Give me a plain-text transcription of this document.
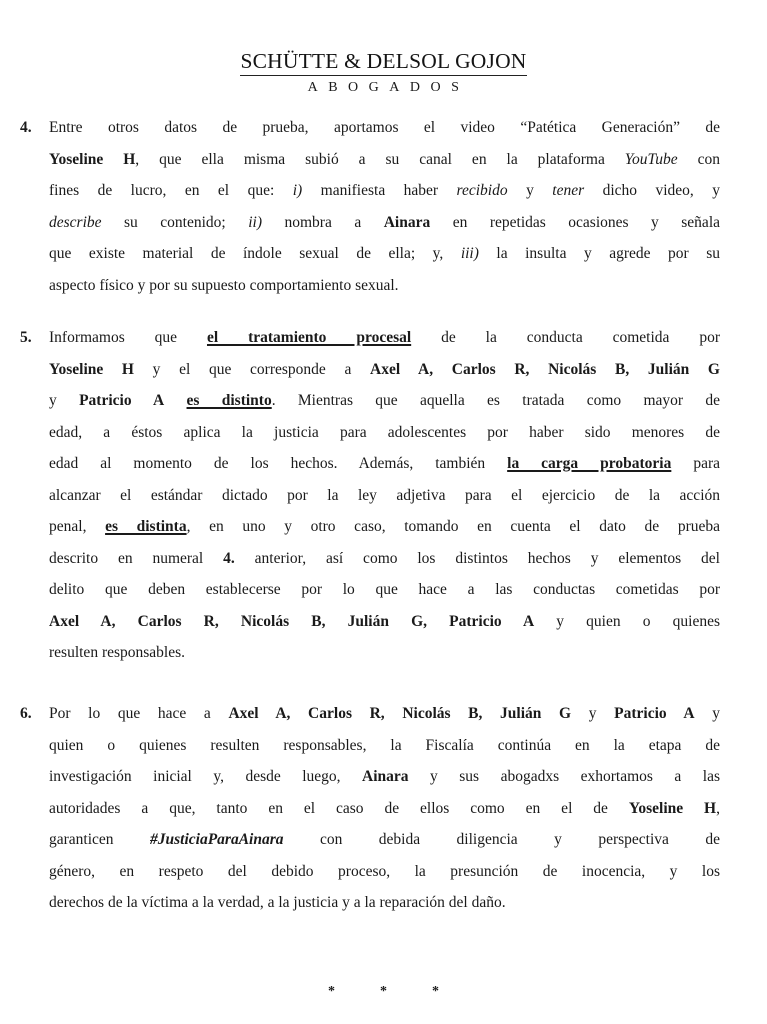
SCHÜTTE & DELSOL GOJON
ABOGADOS
4. Entre otros datos de prueba, aportamos el video “Patética Generación” de
Yoseline H, que ella misma subió a su canal en la plataforma YouTube con
fines de lucro, en el que: i) manifiesta haber recibido y tener dicho video, y
describe su contenido; ii) nombra a Ainara en repetidas ocasiones y señala
que existe material de índole sexual de ella; y, iii) la insulta y agrede por su
aspecto físico y por su supuesto comportamiento sexual.
5. Informamos que el tratamiento procesal de la conducta cometida por
Yoseline H y el que corresponde a Axel A, Carlos R, Nicolás B, Julián G
y Patricio A es distinto. Mientras que aquella es tratada como mayor de
edad, a éstos aplica la justicia para adolescentes por haber sido menores de
edad al momento de los hechos. Además, también la carga probatoria para
alcanzar el estándar dictado por la ley adjetiva para el ejercicio de la acción
penal, es distinta, en uno y otro caso, tomando en cuenta el dato de prueba
descrito en numeral 4. anterior, así como los distintos hechos y elementos del
delito que deben establecerse por lo que hace a las conductas cometidas por
Axel A, Carlos R, Nicolás B, Julián G, Patricio A y quien o quienes
resulten responsables.
6. Por lo que hace a Axel A, Carlos R, Nicolás B, Julián G y Patricio A y
quien o quienes resulten responsables, la Fiscalía continúa en la etapa de
investigación inicial y, desde luego, Ainara y sus abogadxs exhortamos a las
autoridades a que, tanto en el caso de ellos como en el de Yoseline H,
garanticen #JusticiaParaAinara con debida diligencia y perspectiva de
género, en respeto del debido proceso, la presunción de inocencia, y los
derechos de la víctima a la verdad, a la justicia y a la reparación del daño.
*	*	*
